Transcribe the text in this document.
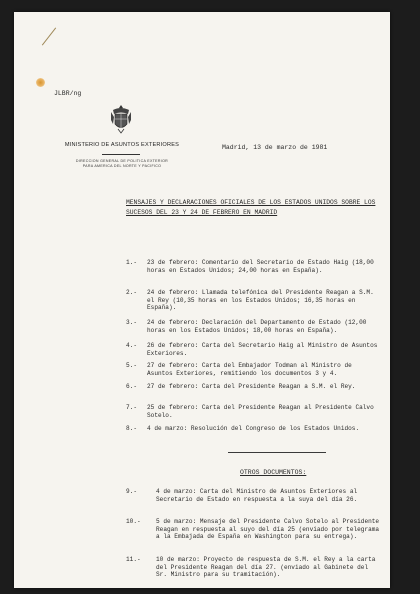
JLBR/ng
MINISTERIO DE ASUNTOS EXTERIORES
DIRECCION GENERAL DE POLITICA EXTERIOR
PARA AMERICA DEL NORTE Y PACIFICO
Madrid, 13 de marzo de 1981
MENSAJES Y DECLARACIONES OFICIALES DE LOS ESTADOS UNIDOS SOBRE LOS SUCESOS DEL 23 Y 24 DE FEBRERO EN MADRID
1.- 23 de febrero: Comentario del Secretario de Estado Haig (18,00 horas en Estados Unidos; 24,00 horas en España).
2.- 24 de febrero: Llamada telefónica del Presidente Reagan a S.M. el Rey (10,35 horas en los Estados Unidos; 16,35 horas en España).
3.- 24 de febrero: Declaración del Departamento de Estado (12,00 horas en los Estados Unidos; 18,00 horas en España).
4.- 26 de febrero: Carta del Secretario Haig al Ministro de Asuntos Exteriores.
5.- 27 de febrero: Carta del Embajador Todman al Ministro de Asuntos Exteriores, remitiendo los documentos 3 y 4.
6.- 27 de febrero: Carta del Presidente Reagan a S.M. el Rey.
7.- 25 de febrero: Carta del Presidente Reagan al Presidente Calvo Sotelo.
8.- 4 de marzo: Resolución del Congreso de los Estados Unidos.
OTROS DOCUMENTOS:
9.-	4 de marzo: Carta del Ministro de Asuntos Exteriores al Secretario de Estado en respuesta a la suya del día 26.
10.-	5 de marzo: Mensaje del Presidente Calvo Sotelo al Presidente Reagan en respuesta al suyo del día 25 (enviado por telegrama a la Embajada de España en Washington para su entrega).
11.-	10 de marzo: Proyecto de respuesta de S.M. el Rey a la carta del Presidente Reagan del día 27. (enviado al Gabinete del Sr. Ministro para su tramitación).
